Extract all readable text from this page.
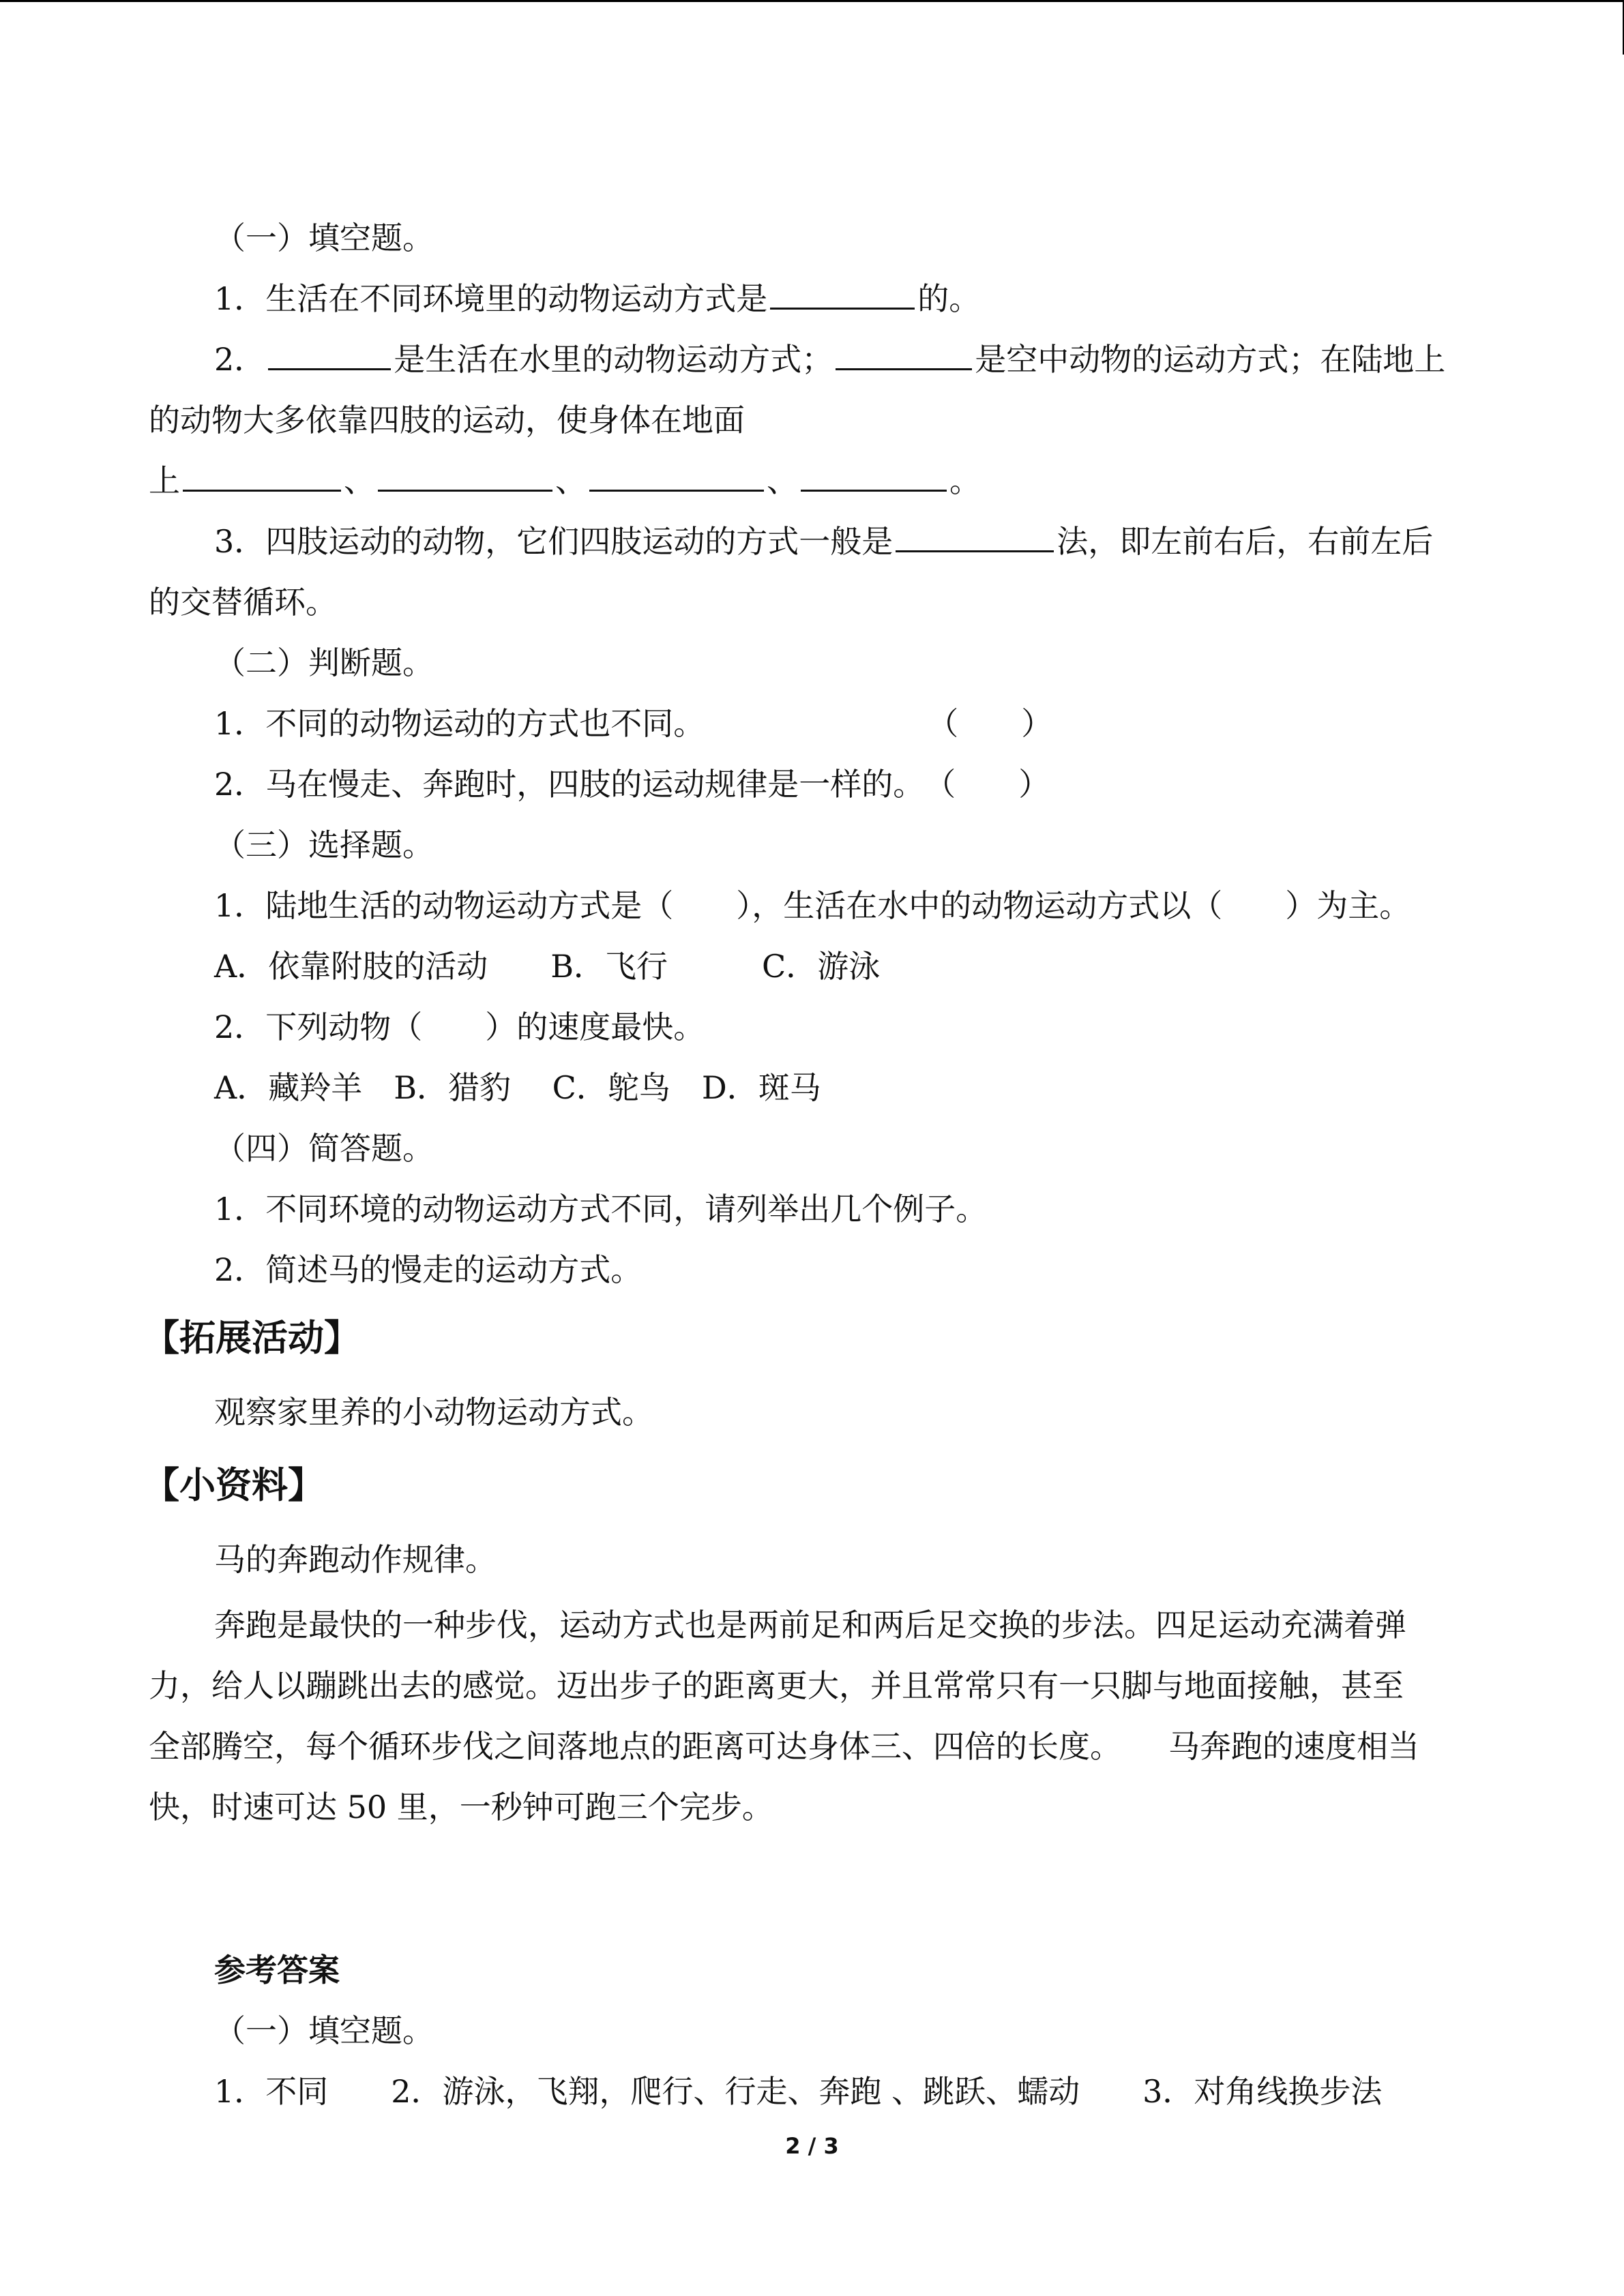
（一）填空题。
1．生活在不同环境里的动物运动方式是	的。
2．	是生活在水里的动物运动方式；	是空中动物的运动方式；在陆地上
的动物大多依靠四肢的运动，使身体在地面
上	、	、	、	。
3．四肢运动的动物，它们四肢运动的方式一般是	法，即左前右后，右前左后
的交替循环。
（二）判断题。
1．不同的动物运动的方式也不同。	（　　）
2．马在慢走、奔跑时，四肢的运动规律是一样的。（　　）
（三）选择题。
1．陆地生活的动物运动方式是（　　），生活在水中的动物运动方式以（　　）为主。
A．依靠附肢的活动　　B．飞行　　　C．游泳
2．下列动物（　　）的速度最快。
A．藏羚羊　B．猎豹　 C．鸵鸟　D．斑马
（四）简答题。
1．不同环境的动物运动方式不同，请列举出几个例子。
2．简述马的慢走的运动方式。
【拓展活动】
观察家里养的小动物运动方式。
【小资料】
马的奔跑动作规律。
奔跑是最快的一种步伐，运动方式也是两前足和两后足交换的步法。四足运动充满着弹
力，给人以蹦跳出去的感觉。迈出步子的距离更大，并且常常只有一只脚与地面接触，甚至
全部腾空，每个循环步伐之间落地点的距离可达身体三、四倍的长度。　　马奔跑的速度相当
快，时速可达 50 里，一秒钟可跑三个完步。
参考答案
（一）填空题。
1．不同　　2．游泳，飞翔，爬行、行走、奔跑 、跳跃、蠕动　　3．对角线换步法
2 / 3
